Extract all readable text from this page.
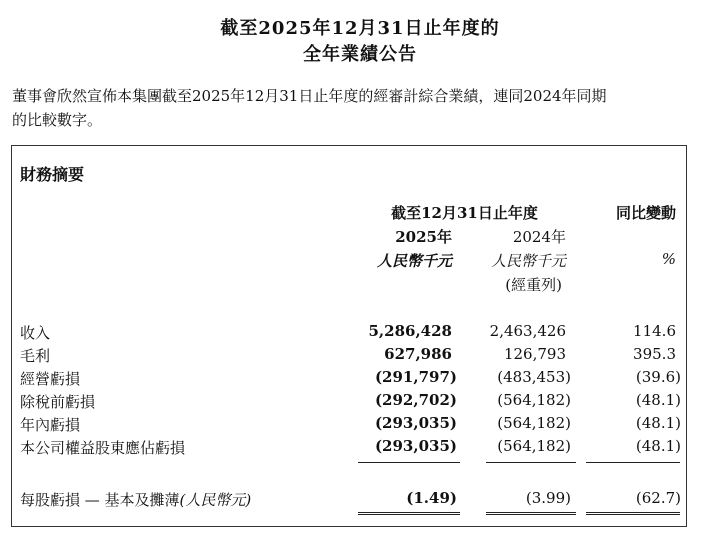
截至2025年12月31日止年度的
全年業績公告
董事會欣然宣佈本集團截至2025年12月31日止年度的經審計綜合業績，連同2024年同期
的比較數字。
財務摘要
截至12月31日止年度	同比變動
2025年	2024年
人民幣千元	人民幣千元	%
(經重列)
收入	5,286,428	2,463,426	114.6
毛利	627,986	126,793	395.3
經營虧損	(291,797)	(483,453)	(39.6)
除稅前虧損	(292,702)	(564,182)	(48.1)
年內虧損	(293,035)	(564,182)	(48.1)
本公司權益股東應佔虧損	(293,035)	(564,182)	(48.1)
每股虧損 — 基本及攤薄(人民幣元)	(1.49)	(3.99)	(62.7)
